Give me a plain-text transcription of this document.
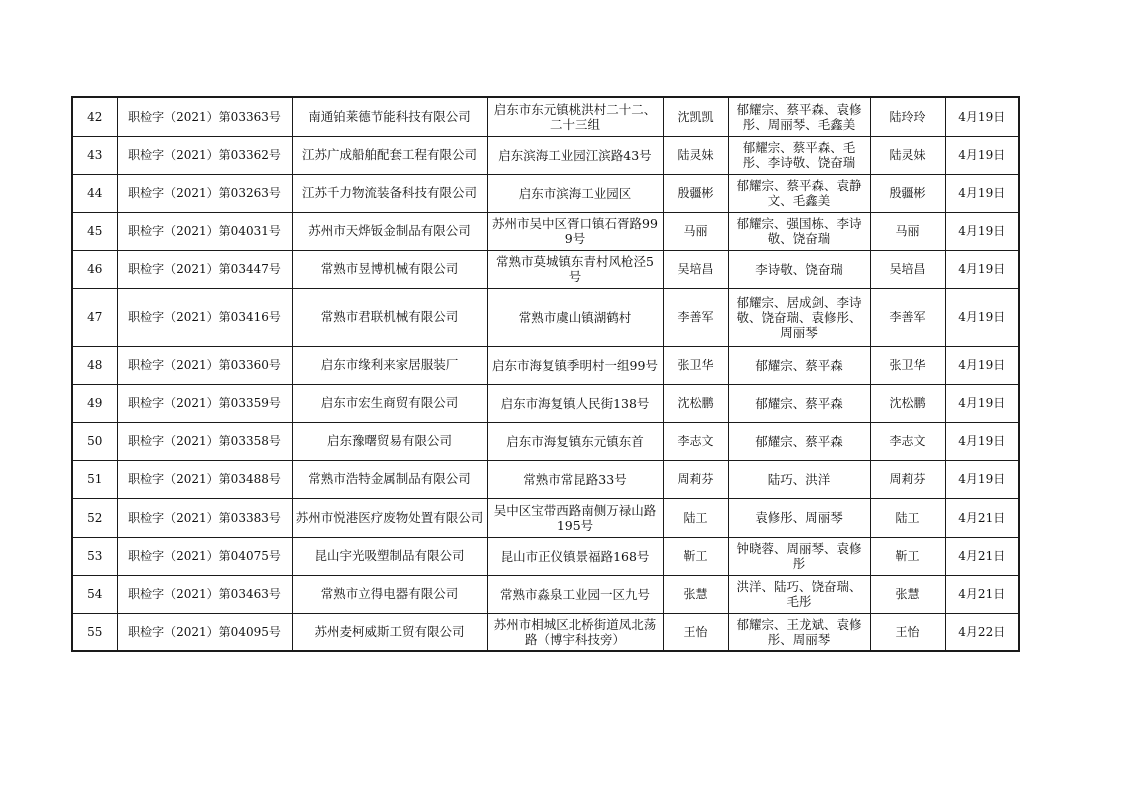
42	职检字（2021）第03363号	南通铂莱德节能科技有限公司	启东市东元镇桃洪村二十二、二十三组	沈凯凯	郁耀宗、蔡平森、袁修彤、周丽琴、毛鑫美	陆玲玲	4月19日
43	职检字（2021）第03362号	江苏广成船舶配套工程有限公司	启东滨海工业园江滨路43号	陆灵妹	郁耀宗、蔡平森、毛彤、李诗敬、饶奋瑞	陆灵妹	4月19日
44	职检字（2021）第03263号	江苏千力物流装备科技有限公司	启东市滨海工业园区	殷疆彬	郁耀宗、蔡平森、袁静文、毛鑫美	殷疆彬	4月19日
45	职检字（2021）第04031号	苏州市天烨钣金制品有限公司	苏州市吴中区胥口镇石胥路999号	马丽	郁耀宗、强国栋、李诗敬、饶奋瑞	马丽	4月19日
46	职检字（2021）第03447号	常熟市昱博机械有限公司	常熟市莫城镇东青村风枪泾5号	吴培昌	李诗敬、饶奋瑞	吴培昌	4月19日
47	职检字（2021）第03416号	常熟市君联机械有限公司	常熟市虞山镇湖鹤村	李善军	郁耀宗、居成剑、李诗敬、饶奋瑞、袁修彤、周丽琴	李善军	4月19日
48	职检字（2021）第03360号	启东市缘利来家居服装厂	启东市海复镇季明村一组99号	张卫华	郁耀宗、蔡平森	张卫华	4月19日
49	职检字（2021）第03359号	启东市宏生商贸有限公司	启东市海复镇人民街138号	沈松鹏	郁耀宗、蔡平森	沈松鹏	4月19日
50	职检字（2021）第03358号	启东豫曙贸易有限公司	启东市海复镇东元镇东首	李志文	郁耀宗、蔡平森	李志文	4月19日
51	职检字（2021）第03488号	常熟市浩特金属制品有限公司	常熟市常昆路33号	周莉芬	陆巧、洪洋	周莉芬	4月19日
52	职检字（2021）第03383号	苏州市悦港医疗废物处置有限公司	吴中区宝带西路南侧万禄山路195号	陆工	袁修彤、周丽琴	陆工	4月21日
53	职检字（2021）第04075号	昆山宇光吸塑制品有限公司	昆山市正仪镇景福路168号	靳工	钟晓蓉、周丽琴、袁修彤	靳工	4月21日
54	职检字（2021）第03463号	常熟市立得电器有限公司	常熟市淼泉工业园一区九号	张慧	洪洋、陆巧、饶奋瑞、毛彤	张慧	4月21日
55	职检字（2021）第04095号	苏州麦柯威斯工贸有限公司	苏州市相城区北桥街道凤北荡路（博宇科技旁）	王怡	郁耀宗、王龙斌、袁修彤、周丽琴	王怡	4月22日
